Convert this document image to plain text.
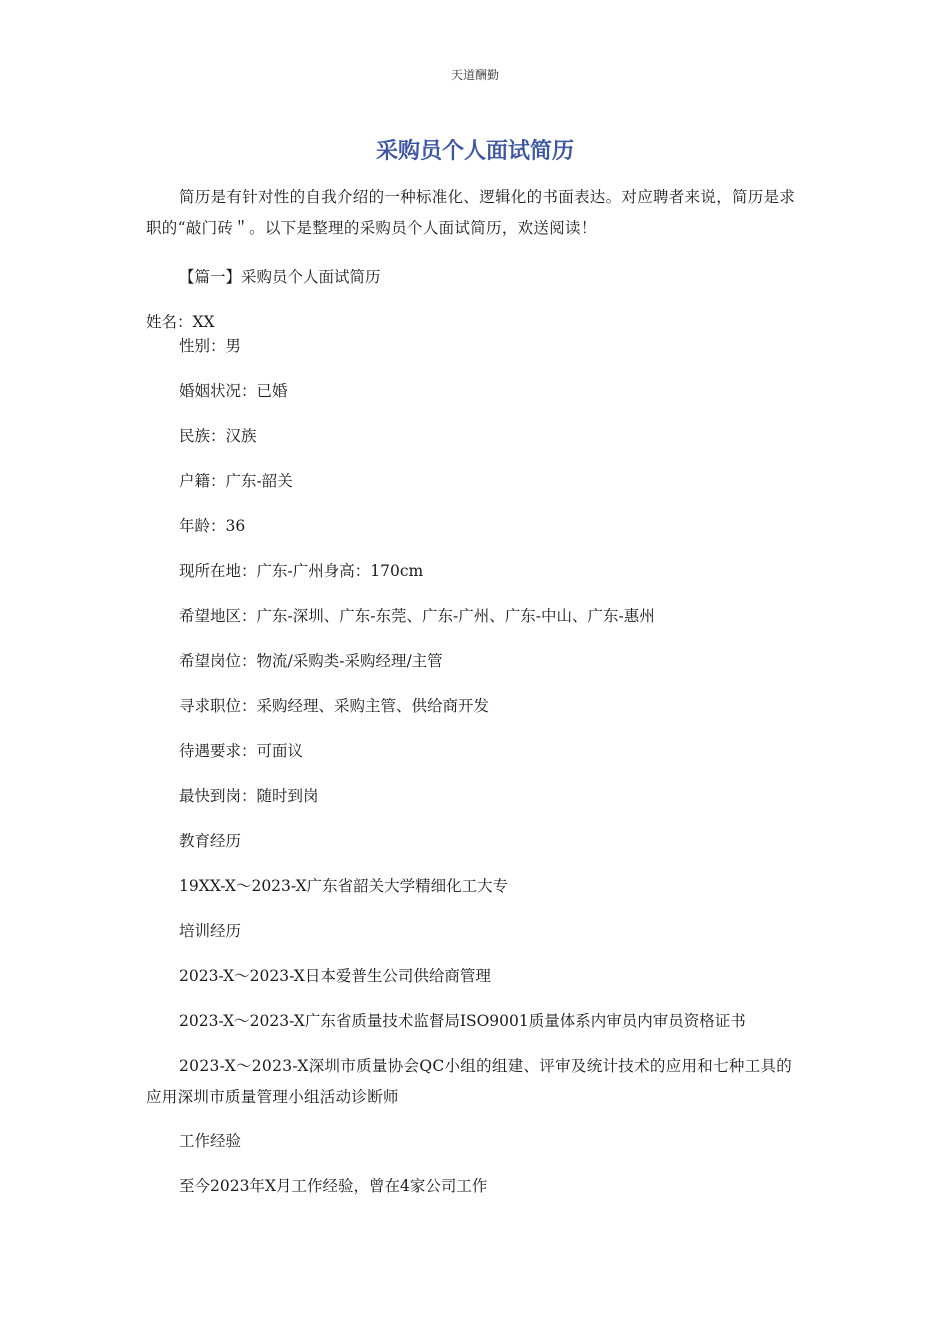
天道酬勤
采购员个人面试简历
简历是有针对性的自我介绍的一种标准化、逻辑化的书面表达。对应聘者来说，简历是求职的“敲门砖＂。以下是整理的采购员个人面试简历，欢送阅读！
【篇一】采购员个人面试简历
姓名：XX
性别：男
婚姻状况：已婚
民族：汉族
户籍：广东-韶关
年龄：36
现所在地：广东-广州身高：170cm
希望地区：广东-深圳、广东-东莞、广东-广州、广东-中山、广东-惠州
希望岗位：物流/采购类-采购经理/主管
寻求职位：采购经理、采购主管、供给商开发
待遇要求：可面议
最快到岗：随时到岗
教育经历
19XX-X～2023-X广东省韶关大学精细化工大专
培训经历
2023-X～2023-X日本爱普生公司供给商管理
2023-X～2023-X广东省质量技术监督局ISO9001质量体系内审员内审员资格证书
2023-X～2023-X深圳市质量协会QC小组的组建、评审及统计技术的应用和七种工具的应用深圳市质量管理小组活动诊断师
工作经验
至今2023年X月工作经验，曾在4家公司工作
